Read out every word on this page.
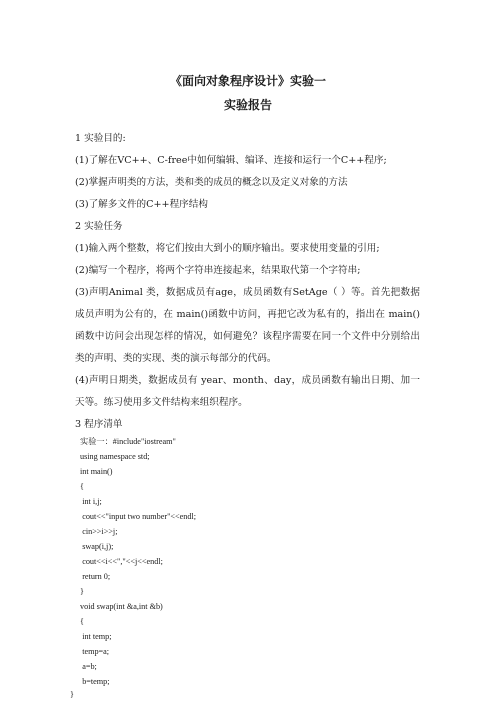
《面向对象程序设计》实验一
实验报告
1 实验目的:
(1)了解在VC++、C-free中如何编辑、编译、连接和运行一个C++程序;
(2)掌握声明类的方法，类和类的成员的概念以及定义对象的方法
(3)了解多文件的C++程序结构
2 实验任务
(1)输入两个整数，将它们按由大到小的顺序输出。要求使用变量的引用;
(2)编写一个程序，将两个字符串连接起来，结果取代第一个字符串;
(3)声明Animal 类，数据成员有age，成员函数有SetAge（ ）等。首先把数据成员声明为公有的，在 main()函数中访问，再把它改为私有的，指出在 main()函数中访问会出现怎样的情况，如何避免？该程序需要在同一个文件中分别给出类的声明、类的实现、类的演示每部分的代码。
(4)声明日期类，数据成员有 year、month、day，成员函数有输出日期、加一天等。练习使用多文件结构来组织程序。
3 程序清单
实验一：#include"iostream"
using namespace std;
int main()
{
int i,j;
cout<<"input two number"<<endl;
cin>>i>>j;
swap(i,j);
cout<<i<<","<<j<<endl;
return 0;
}
void swap(int &a,int &b)
{
int temp;
temp=a;
a=b;
b=temp;
}
